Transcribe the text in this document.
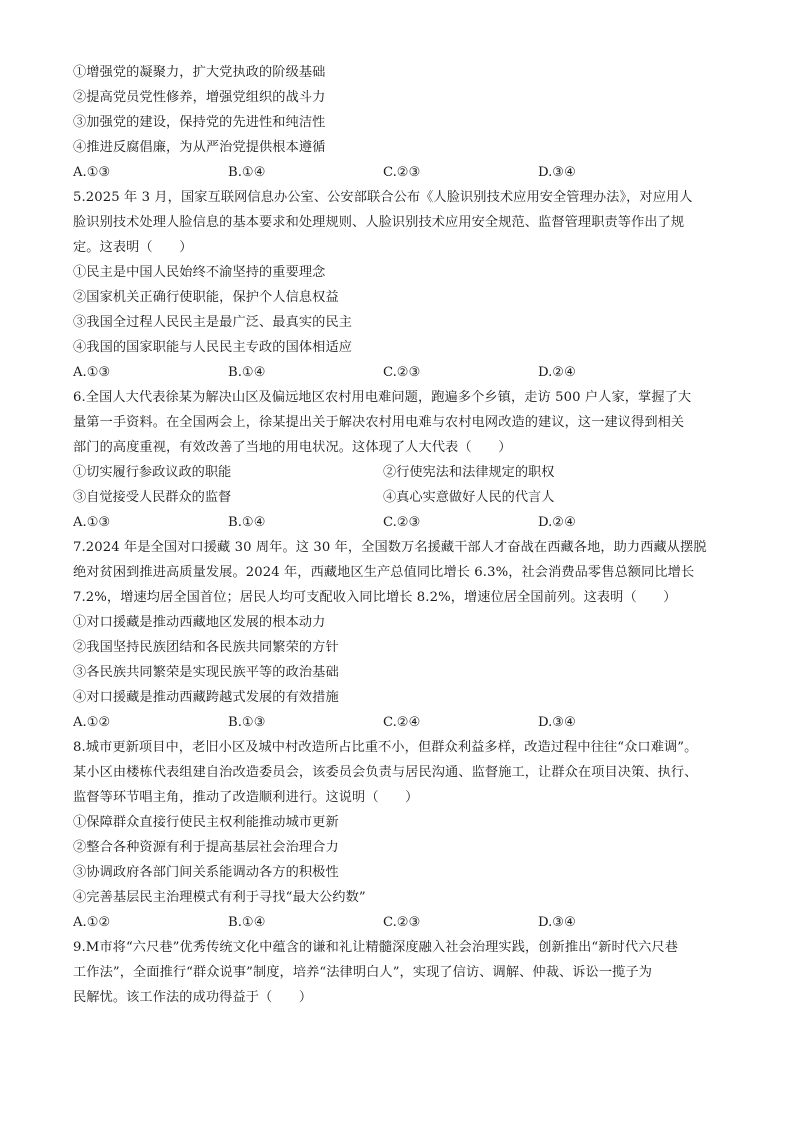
①增强党的凝聚力，扩大党执政的阶级基础
②提高党员党性修养，增强党组织的战斗力
③加强党的建设，保持党的先进性和纯洁性
④推进反腐倡廉，为从严治党提供根本遵循
A.①③	B.①④	C.②③	D.③④
5.2025 年 3 月，国家互联网信息办公室、公安部联合公布《人脸识别技术应用安全管理办法》，对应用人
脸识别技术处理人脸信息的基本要求和处理规则、人脸识别技术应用安全规范、监督管理职责等作出了规
定。这表明（　　）
①民主是中国人民始终不渝坚持的重要理念
②国家机关正确行使职能，保护个人信息权益
③我国全过程人民民主是最广泛、最真实的民主
④我国的国家职能与人民民主专政的国体相适应
A.①③	B.①④	C.②③	D.②④
6.全国人大代表徐某为解决山区及偏远地区农村用电难问题，跑遍多个乡镇，走访 500 户人家，掌握了大
量第一手资料。在全国两会上，徐某提出关于解决农村用电难与农村电网改造的建议，这一建议得到相关
部门的高度重视，有效改善了当地的用电状况。这体现了人大代表（　　）
①切实履行参政议政的职能	②行使宪法和法律规定的职权
③自觉接受人民群众的监督	④真心实意做好人民的代言人
A.①③	B.①④	C.②③	D.②④
7.2024 年是全国对口援藏 30 周年。这 30 年，全国数万名援藏干部人才奋战在西藏各地，助力西藏从摆脱
绝对贫困到推进高质量发展。2024 年，西藏地区生产总值同比增长 6.3%，社会消费品零售总额同比增长
7.2%，增速均居全国首位；居民人均可支配收入同比增长 8.2%，增速位居全国前列。这表明（　　）
①对口援藏是推动西藏地区发展的根本动力
②我国坚持民族团结和各民族共同繁荣的方针
③各民族共同繁荣是实现民族平等的政治基础
④对口援藏是推动西藏跨越式发展的有效措施
A.①②	B.①③	C.②④	D.③④
8.城市更新项目中，老旧小区及城中村改造所占比重不小，但群众利益多样，改造过程中往往“众口难调”。
某小区由楼栋代表组建自治改造委员会，该委员会负责与居民沟通、监督施工，让群众在项目决策、执行、
监督等环节唱主角，推动了改造顺利进行。这说明（　　）
①保障群众直接行使民主权利能推动城市更新
②整合各种资源有利于提高基层社会治理合力
③协调政府各部门间关系能调动各方的积极性
④完善基层民主治理模式有利于寻找“最大公约数”
A.①②	B.①④	C.②③	D.③④
9.M市将“六尺巷”优秀传统文化中蕴含的谦和礼让精髓深度融入社会治理实践，创新推出“新时代六尺巷
工作法”，全面推行“群众说事”制度，培养“法律明白人”，实现了信访、调解、仲裁、诉讼一揽子为
民解忧。该工作法的成功得益于（　　）
